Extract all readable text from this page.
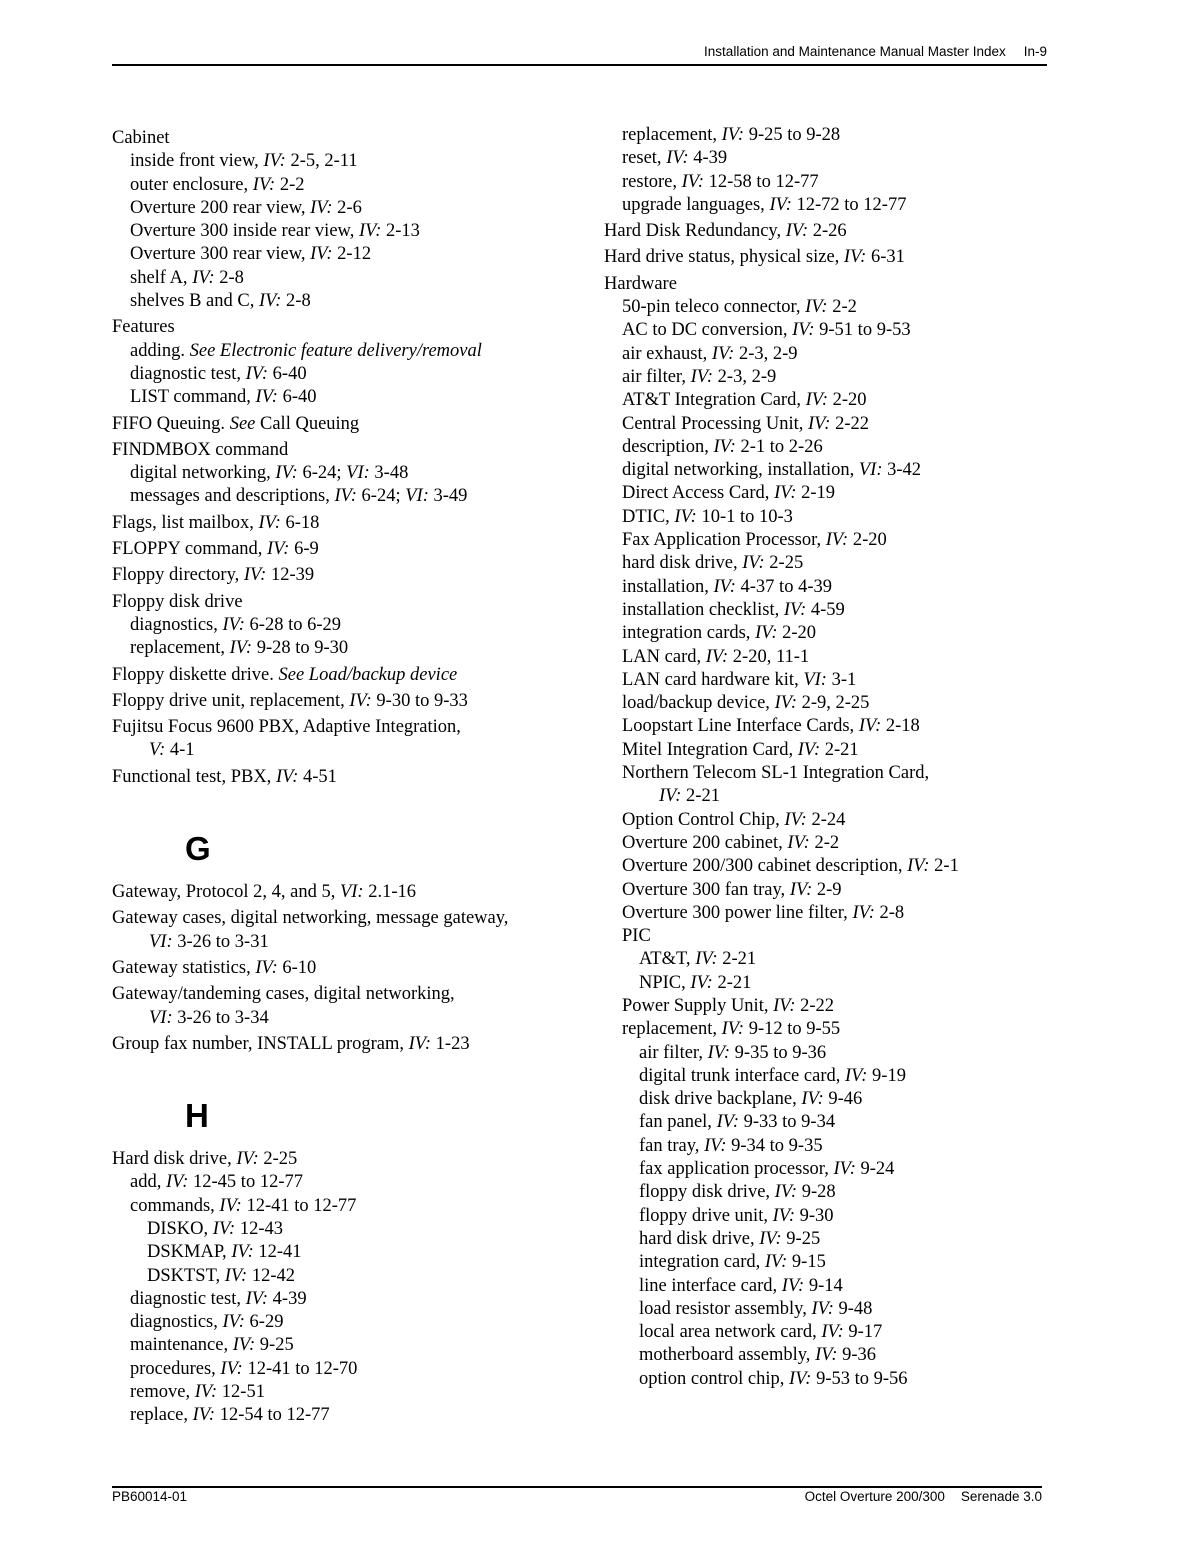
Installation and Maintenance Manual Master Index In-9
Cabinet
inside front view, IV: 2-5, 2-11
outer enclosure, IV: 2-2
Overture 200 rear view, IV: 2-6
Overture 300 inside rear view, IV: 2-13
Overture 300 rear view, IV: 2-12
shelf A, IV: 2-8
shelves B and C, IV: 2-8
Features
adding. See Electronic feature delivery/removal
diagnostic test, IV: 6-40
LIST command, IV: 6-40
FIFO Queuing. See Call Queuing
FINDMBOX command
digital networking, IV: 6-24; VI: 3-48
messages and descriptions, IV: 6-24; VI: 3-49
Flags, list mailbox, IV: 6-18
FLOPPY command, IV: 6-9
Floppy directory, IV: 12-39
Floppy disk drive
diagnostics, IV: 6-28 to 6-29
replacement, IV: 9-28 to 9-30
Floppy diskette drive. See Load/backup device
Floppy drive unit, replacement, IV: 9-30 to 9-33
Fujitsu Focus 9600 PBX, Adaptive Integration,
V: 4-1
Functional test, PBX, IV: 4-51
G
Gateway, Protocol 2, 4, and 5, VI: 2.1-16
Gateway cases, digital networking, message gateway,
VI: 3-26 to 3-31
Gateway statistics, IV: 6-10
Gateway/tandeming cases, digital networking,
VI: 3-26 to 3-34
Group fax number, INSTALL program, IV: 1-23
H
Hard disk drive, IV: 2-25
add, IV: 12-45 to 12-77
commands, IV: 12-41 to 12-77
DISKO, IV: 12-43
DSKMAP, IV: 12-41
DSKTST, IV: 12-42
diagnostic test, IV: 4-39
diagnostics, IV: 6-29
maintenance, IV: 9-25
procedures, IV: 12-41 to 12-70
remove, IV: 12-51
replace, IV: 12-54 to 12-77
replacement, IV: 9-25 to 9-28
reset, IV: 4-39
restore, IV: 12-58 to 12-77
upgrade languages, IV: 12-72 to 12-77
Hard Disk Redundancy, IV: 2-26
Hard drive status, physical size, IV: 6-31
Hardware
50-pin teleco connector, IV: 2-2
AC to DC conversion, IV: 9-51 to 9-53
air exhaust, IV: 2-3, 2-9
air filter, IV: 2-3, 2-9
AT&T Integration Card, IV: 2-20
Central Processing Unit, IV: 2-22
description, IV: 2-1 to 2-26
digital networking, installation, VI: 3-42
Direct Access Card, IV: 2-19
DTIC, IV: 10-1 to 10-3
Fax Application Processor, IV: 2-20
hard disk drive, IV: 2-25
installation, IV: 4-37 to 4-39
installation checklist, IV: 4-59
integration cards, IV: 2-20
LAN card, IV: 2-20, 11-1
LAN card hardware kit, VI: 3-1
load/backup device, IV: 2-9, 2-25
Loopstart Line Interface Cards, IV: 2-18
Mitel Integration Card, IV: 2-21
Northern Telecom SL-1 Integration Card,
IV: 2-21
Option Control Chip, IV: 2-24
Overture 200 cabinet, IV: 2-2
Overture 200/300 cabinet description, IV: 2-1
Overture 300 fan tray, IV: 2-9
Overture 300 power line filter, IV: 2-8
PIC
AT&T, IV: 2-21
NPIC, IV: 2-21
Power Supply Unit, IV: 2-22
replacement, IV: 9-12 to 9-55
air filter, IV: 9-35 to 9-36
digital trunk interface card, IV: 9-19
disk drive backplane, IV: 9-46
fan panel, IV: 9-33 to 9-34
fan tray, IV: 9-34 to 9-35
fax application processor, IV: 9-24
floppy disk drive, IV: 9-28
floppy drive unit, IV: 9-30
hard disk drive, IV: 9-25
integration card, IV: 9-15
line interface card, IV: 9-14
load resistor assembly, IV: 9-48
local area network card, IV: 9-17
motherboard assembly, IV: 9-36
option control chip, IV: 9-53 to 9-56
PB60014-01	Octel Overture 200/300 Serenade 3.0
